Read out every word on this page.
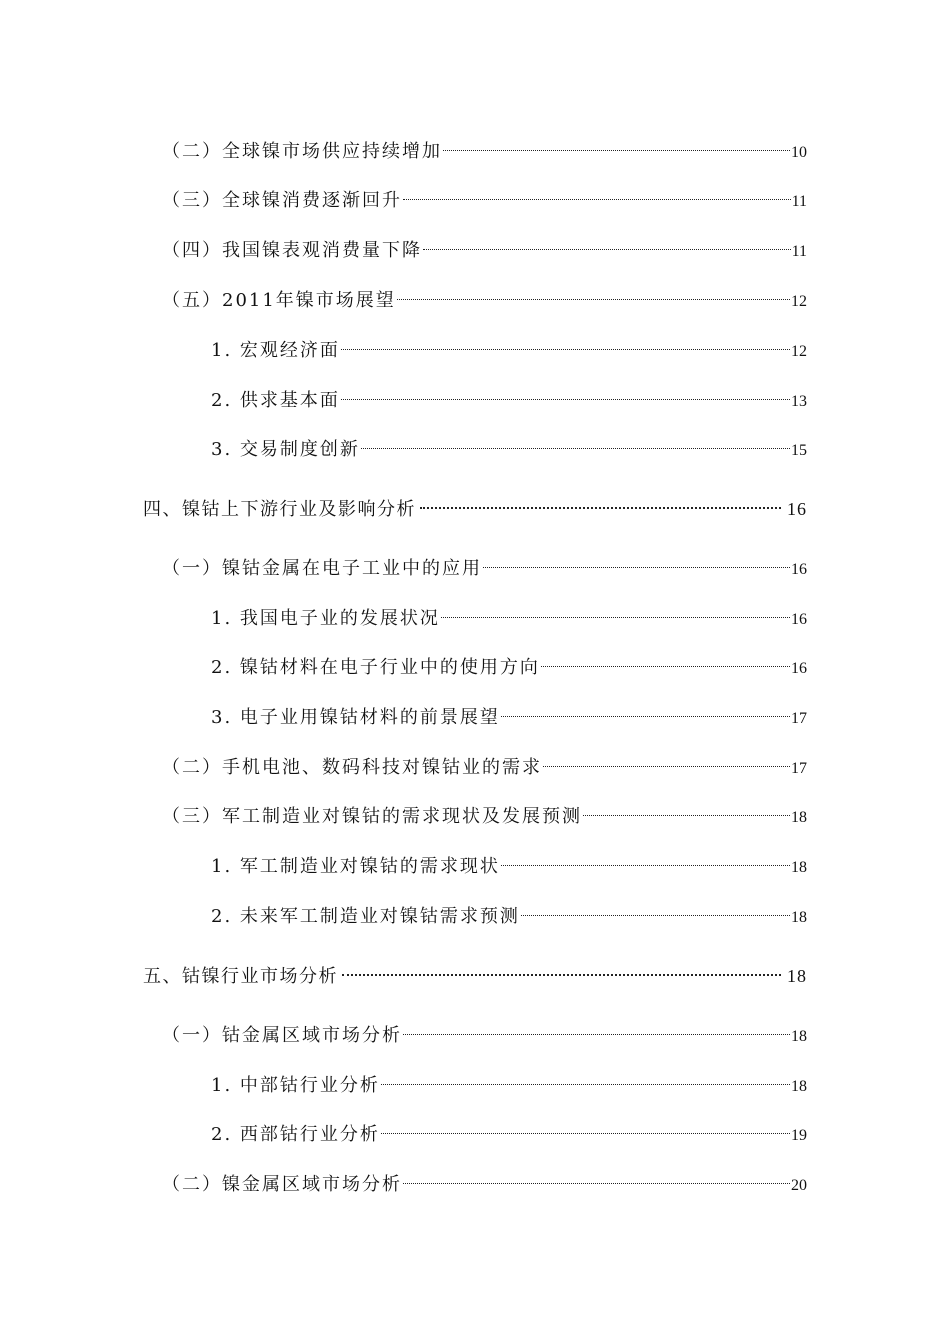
（二）全球镍市场供应持续增加	10
（三）全球镍消费逐渐回升	11
（四）我国镍表观消费量下降	11
（五）2011年镍市场展望	12
1. 宏观经济面	12
2. 供求基本面	13
3. 交易制度创新	15
四、镍钴上下游行业及影响分析	16
（一）镍钴金属在电子工业中的应用	16
1. 我国电子业的发展状况	16
2. 镍钴材料在电子行业中的使用方向	16
3. 电子业用镍钴材料的前景展望	17
（二）手机电池、数码科技对镍钴业的需求	17
（三）军工制造业对镍钴的需求现状及发展预测	18
1. 军工制造业对镍钴的需求现状	18
2. 未来军工制造业对镍钴需求预测	18
五、钴镍行业市场分析	18
（一）钴金属区域市场分析	18
1. 中部钴行业分析	18
2. 西部钴行业分析	19
（二）镍金属区域市场分析	20
